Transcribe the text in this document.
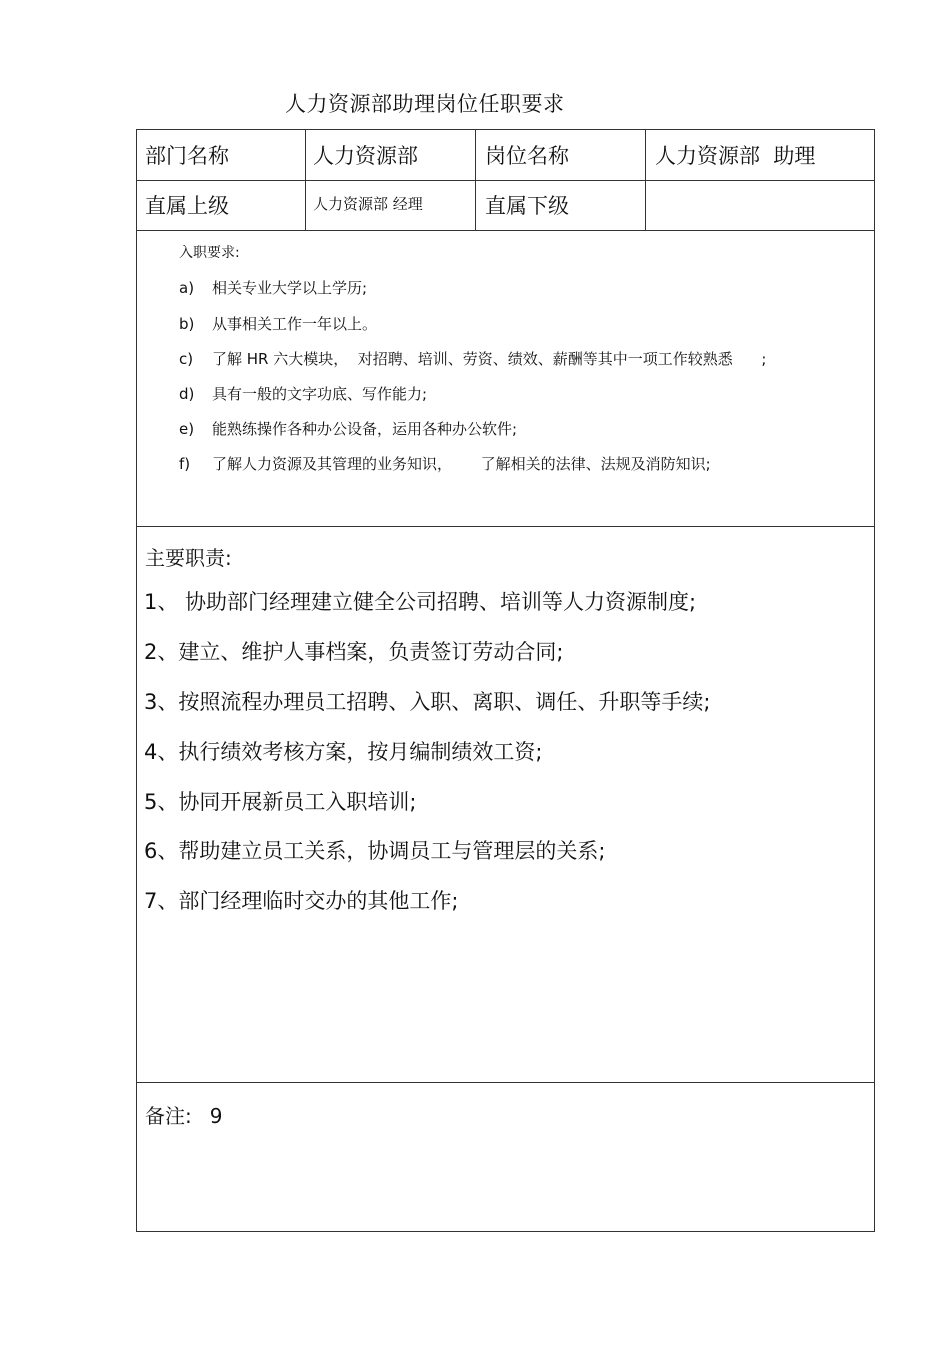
人力资源部助理岗位任职要求
部门名称	人力资源部	岗位名称	人力资源部  助理
直属上级	人力资源部 经理	直属下级
入职要求:
a) 相关专业大学以上学历;
b) 从事相关工作一年以上。
c) 了解 HR 六大模块，  对招聘、培训、劳资、绩效、薪酬等其中一项工作较熟悉      ;
d) 具有一般的文字功底、写作能力;
e) 能熟练操作各种办公设备，运用各种办公软件;
f) 了解人力资源及其管理的业务知识，      了解相关的法律、法规及消防知识;
主要职责:
1、 协助部门经理建立健全公司招聘、培训等人力资源制度;
2、建立、维护人事档案，负责签订劳动合同;
3、按照流程办理员工招聘、入职、离职、调任、升职等手续;
4、执行绩效考核方案，按月编制绩效工资;
5、协同开展新员工入职培训;
6、帮助建立员工关系，协调员工与管理层的关系;
7、部门经理临时交办的其他工作;
备注: 9
